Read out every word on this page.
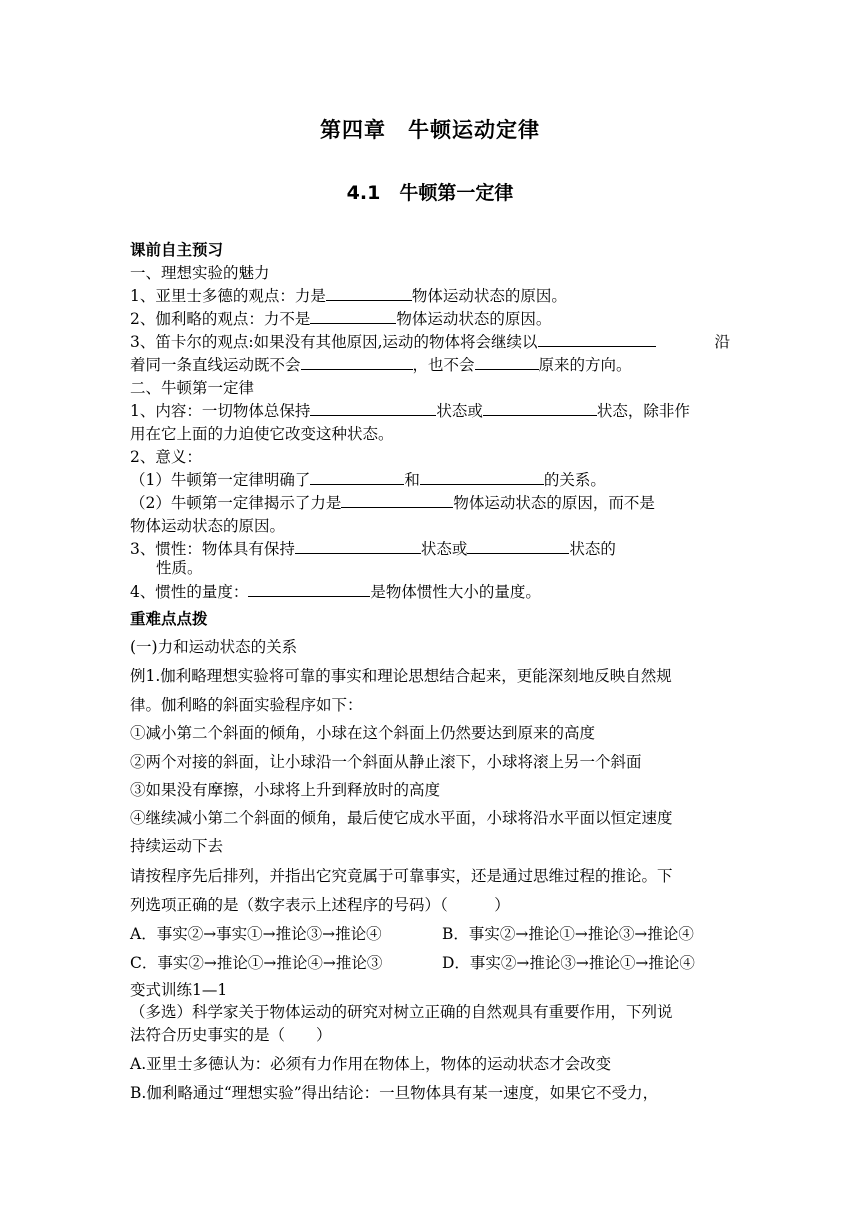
第四章　牛顿运动定律
4.1　牛顿第一定律
课前自主预习
一、理想实验的魅力
1、亚里士多德的观点：力是	物体运动状态的原因。
2、伽利略的观点：力不是	物体运动状态的原因。
3、笛卡尔的观点:如果没有其他原因,运动的物体将会继续以	沿
着同一条直线运动既不会	，也不会	原来的方向。
二、牛顿第一定律
1、内容：一切物体总保持	状态或	状态，除非作
用在它上面的力迫使它改变这种状态。
2、意义：
（1）牛顿第一定律明确了	和	的关系。
（2）牛顿第一定律揭示了力是	物体运动状态的原因，而不是
物体运动状态的原因。
3、惯性：物体具有保持	状态或	状态的
性质。
4、惯性的量度：	是物体惯性大小的量度。
重难点点拨
(一)力和运动状态的关系
例1.伽利略理想实验将可靠的事实和理论思想结合起来，更能深刻地反映自然规
律。伽利略的斜面实验程序如下：
①减小第二个斜面的倾角，小球在这个斜面上仍然要达到原来的高度
②两个对接的斜面，让小球沿一个斜面从静止滚下，小球将滚上另一个斜面
③如果没有摩擦，小球将上升到释放时的高度
④继续减小第二个斜面的倾角，最后使它成水平面，小球将沿水平面以恒定速度
持续运动下去
请按程序先后排列，并指出它究竟属于可靠事实，还是通过思维过程的推论。下
列选项正确的是（数字表示上述程序的号码）（　　　）
A．事实②→事实①→推论③→推论④	B．事实②→推论①→推论③→推论④
C．事实②→推论①→推论④→推论③	D．事实②→推论③→推论①→推论④
变式训练1—1
（多选）科学家关于物体运动的研究对树立正确的自然观具有重要作用，下列说
法符合历史事实的是（　　）
A.亚里士多德认为：必须有力作用在物体上，物体的运动状态才会改变
B.伽利略通过“理想实验”得出结论：一旦物体具有某一速度，如果它不受力，
